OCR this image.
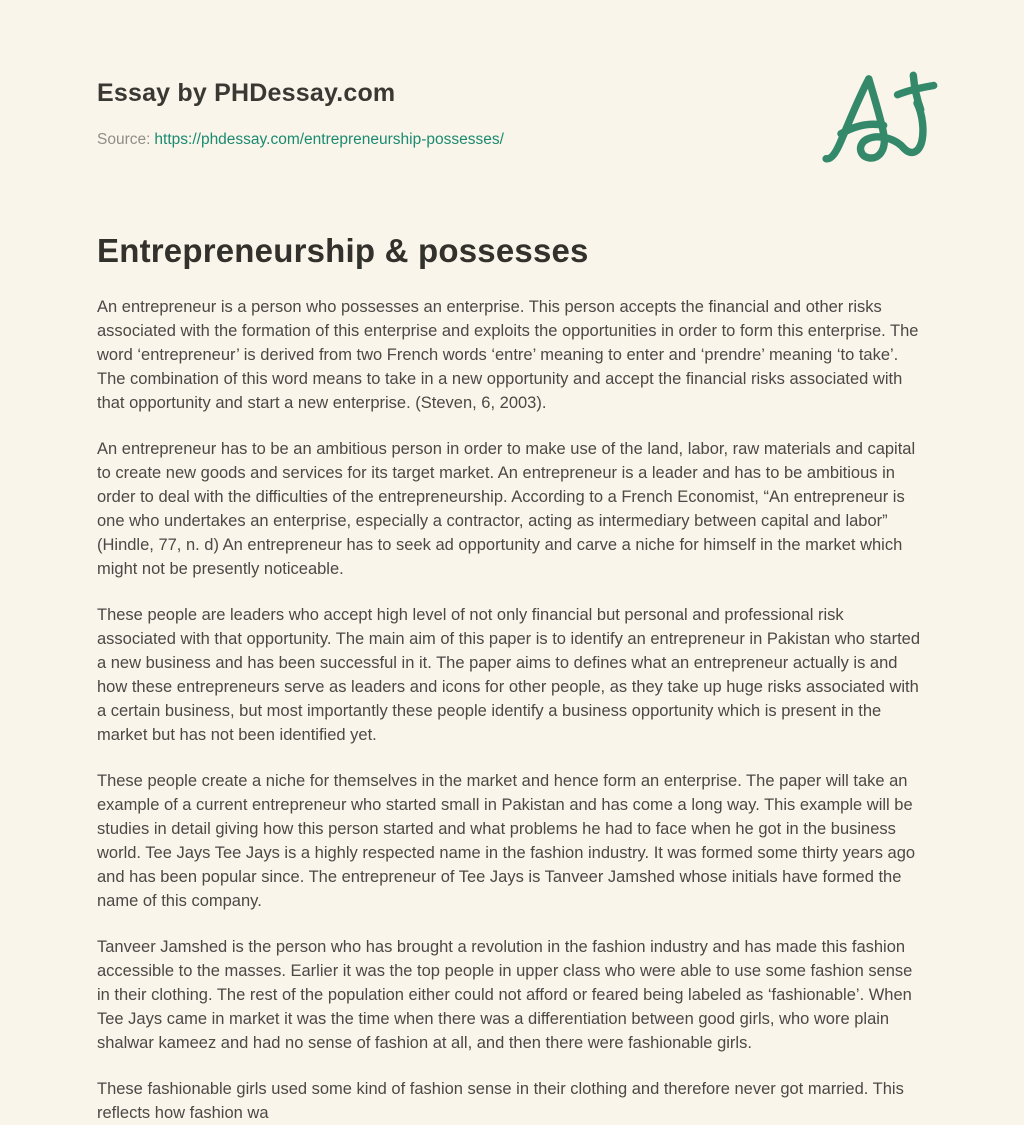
Essay by PHDessay.com
Source: https://phdessay.com/entrepreneurship-possesses/
Entrepreneurship & possesses

An entrepreneur is a person who possesses an enterprise. This person accepts the financial and other risks associated with the formation of this enterprise and exploits the opportunities in order to form this enterprise. The word ‘entrepreneur’ is derived from two French words ‘entre’ meaning to enter and ‘prendre’ meaning ‘to take’. The combination of this word means to take in a new opportunity and accept the financial risks associated with that opportunity and start a new enterprise. (Steven, 6, 2003).

An entrepreneur has to be an ambitious person in order to make use of the land, labor, raw materials and capital to create new goods and services for its target market. An entrepreneur is a leader and has to be ambitious in order to deal with the difficulties of the entrepreneurship. According to a French Economist, “An entrepreneur is one who undertakes an enterprise, especially a contractor, acting as intermediary between capital and labor” (Hindle, 77, n. d) An entrepreneur has to seek ad opportunity and carve a niche for himself in the market which might not be presently noticeable.

These people are leaders who accept high level of not only financial but personal and professional risk associated with that opportunity. The main aim of this paper is to identify an entrepreneur in Pakistan who started a new business and has been successful in it. The paper aims to defines what an entrepreneur actually is and how these entrepreneurs serve as leaders and icons for other people, as they take up huge risks associated with a certain business, but most importantly these people identify a business opportunity which is present in the market but has not been identified yet.

These people create a niche for themselves in the market and hence form an enterprise. The paper will take an example of a current entrepreneur who started small in Pakistan and has come a long way. This example will be studies in detail giving how this person started and what problems he had to face when he got in the business world. Tee Jays Tee Jays is a highly respected name in the fashion industry. It was formed some thirty years ago and has been popular since. The entrepreneur of Tee Jays is Tanveer Jamshed whose initials have formed the name of this company.

Tanveer Jamshed is the person who has brought a revolution in the fashion industry and has made this fashion accessible to the masses. Earlier it was the top people in upper class who were able to use some fashion sense in their clothing. The rest of the population either could not afford or feared being labeled as ‘fashionable’. When Tee Jays came in market it was the time when there was a differentiation between good girls, who wore plain shalwar kameez and had no sense of fashion at all, and then there were fashionable girls.

These fashionable girls used some kind of fashion sense in their clothing and therefore never got married. This reflects how fashion wa
